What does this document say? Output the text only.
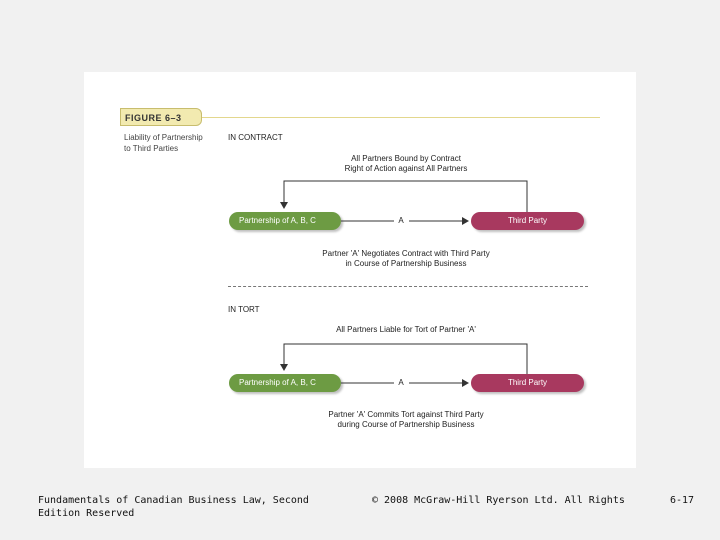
FIGURE 6–3
Liability of Partnership to Third Parties
IN CONTRACT
All Partners Bound by Contract
Right of Action against All Partners
Partnership of A, B, C	A	Third Party
Partner 'A' Negotiates Contract with Third Party
in Course of Partnership Business
IN TORT
All Partners Liable for Tort of Partner 'A'
Partnership of A, B, C	A	Third Party
Partner 'A' Commits Tort against Third Party
during Course of Partnership Business
Fundamentals of Canadian Business Law, Second Edition Reserved
© 2008 McGraw-Hill Ryerson Ltd. All Rights	6-17
